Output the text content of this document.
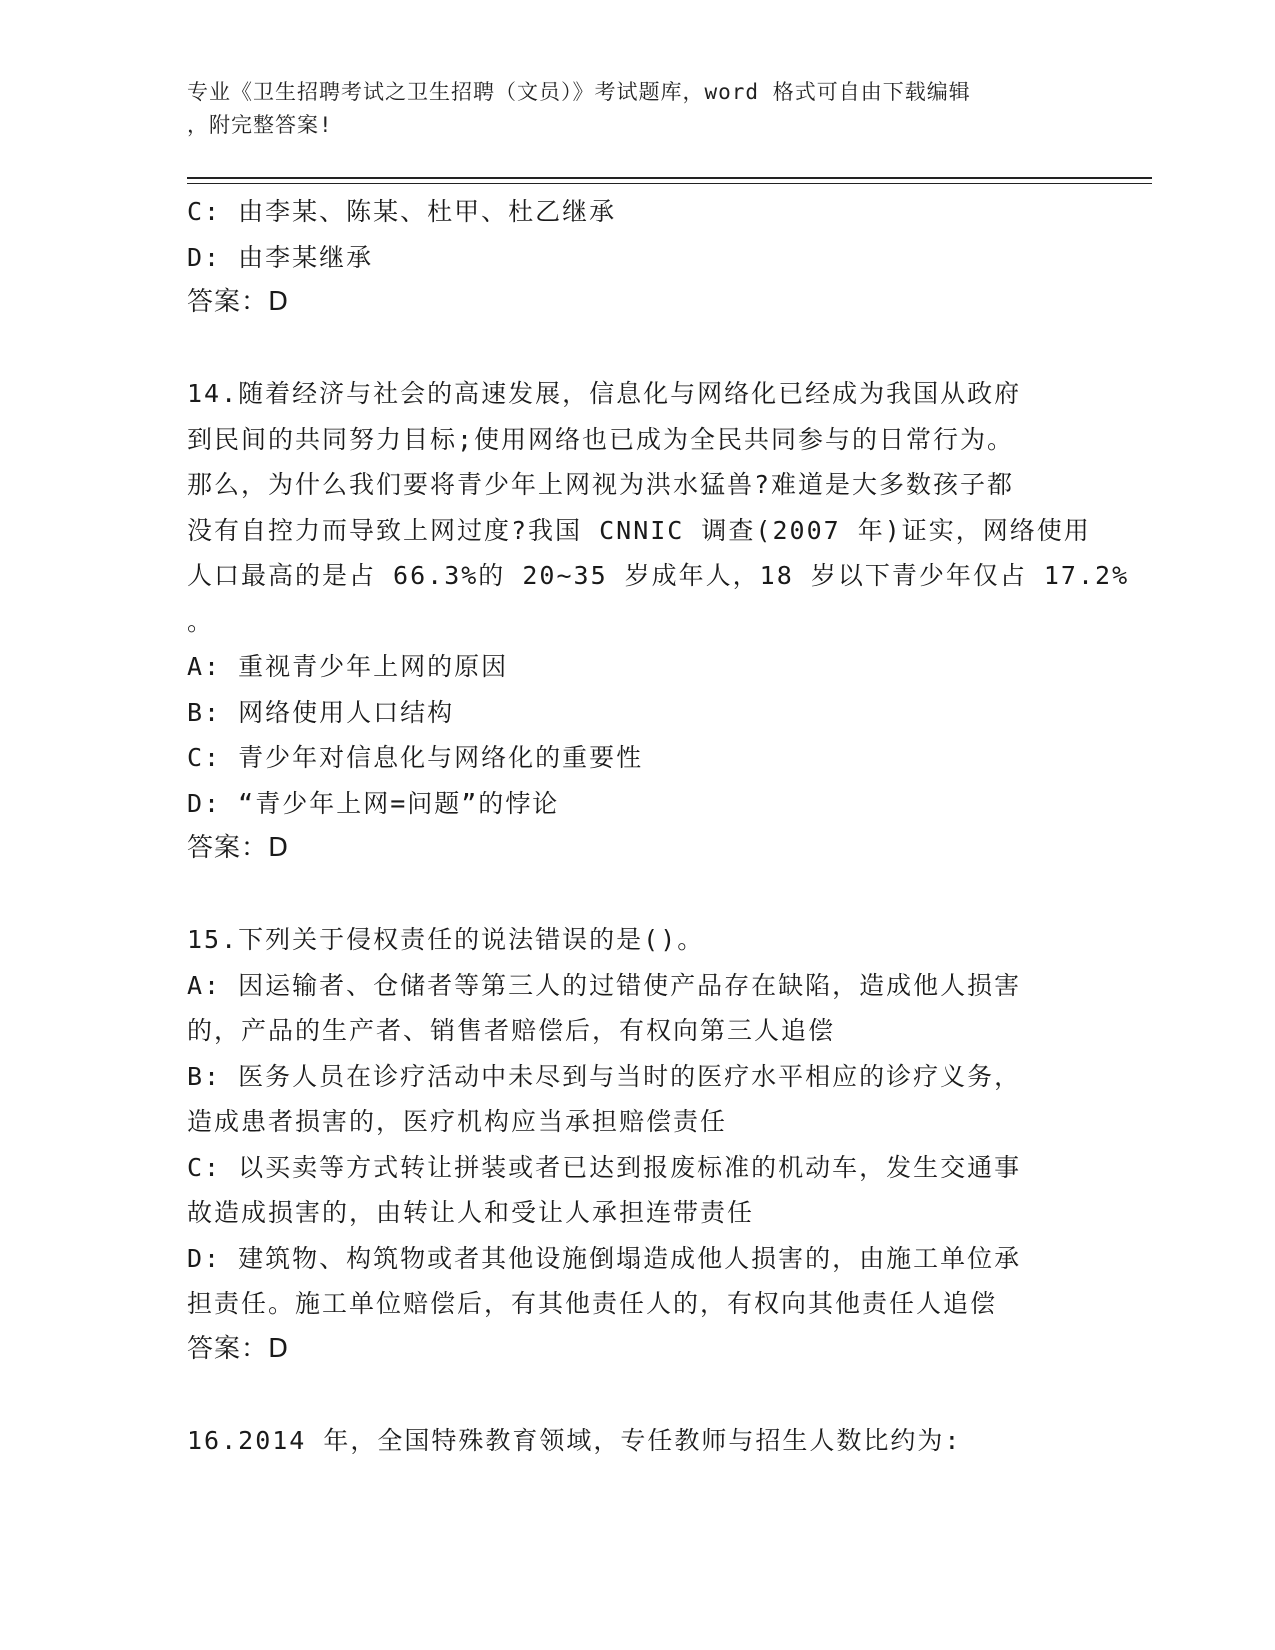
专业《卫生招聘考试之卫生招聘（文员）》考试题库，word 格式可自由下载编辑
，附完整答案!
C: 由李某、陈某、杜甲、杜乙继承
D: 由李某继承
答案：D
14.随着经济与社会的高速发展，信息化与网络化已经成为我国从政府
到民间的共同努力目标;使用网络也已成为全民共同参与的日常行为。
那么，为什么我们要将青少年上网视为洪水猛兽?难道是大多数孩子都
没有自控力而导致上网过度?我国 CNNIC 调查(2007 年)证实，网络使用
人口最高的是占 66.3%的 20~35 岁成年人，18 岁以下青少年仅占 17.2%
。
A: 重视青少年上网的原因
B: 网络使用人口结构
C: 青少年对信息化与网络化的重要性
D: “青少年上网=问题”的悖论
答案：D
15.下列关于侵权责任的说法错误的是()。
A: 因运输者、仓储者等第三人的过错使产品存在缺陷，造成他人损害
的，产品的生产者、销售者赔偿后，有权向第三人追偿
B: 医务人员在诊疗活动中未尽到与当时的医疗水平相应的诊疗义务，
造成患者损害的，医疗机构应当承担赔偿责任
C: 以买卖等方式转让拼装或者已达到报废标准的机动车，发生交通事
故造成损害的，由转让人和受让人承担连带责任
D: 建筑物、构筑物或者其他设施倒塌造成他人损害的，由施工单位承
担责任。施工单位赔偿后，有其他责任人的，有权向其他责任人追偿
答案：D
16.2014 年，全国特殊教育领域，专任教师与招生人数比约为:
